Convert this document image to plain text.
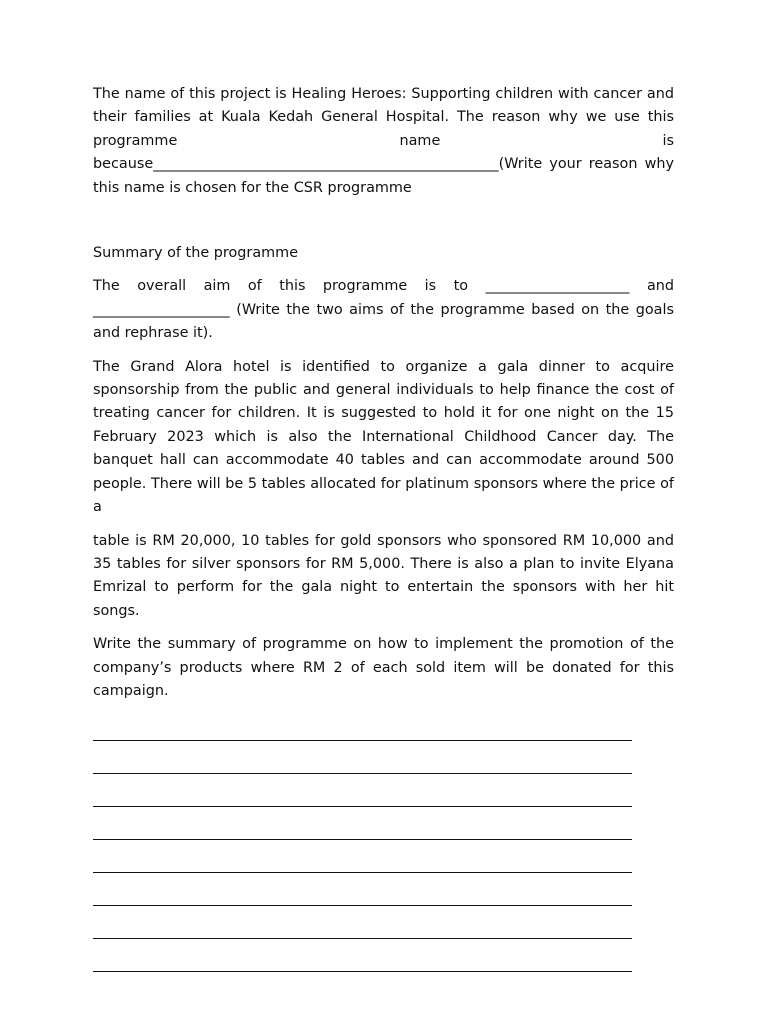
The name of this project is Healing Heroes: Supporting children with cancer and their families at Kuala Kedah General Hospital. The reason why we use this programme name is because________________________________________________(Write your reason why this name is chosen for the CSR programme

Summary of the programme

The overall aim of this programme is to ____________________ and ___________________ (Write the two aims of the programme based on the goals and rephrase it).

The Grand Alora hotel is identified to organize a gala dinner to acquire sponsorship from the public and general individuals to help finance the cost of treating cancer for children. It is suggested to hold it for one night on the 15 February 2023 which is also the International Childhood Cancer day. The banquet hall can accommodate 40 tables and can accommodate around 500 people. There will be 5 tables allocated for platinum sponsors where the price of a

table is RM 20,000, 10 tables for gold sponsors who sponsored RM 10,000 and 35 tables for silver sponsors for RM 5,000. There is also a plan to invite Elyana Emrizal to perform for the gala night to entertain the sponsors with her hit songs.

Write the summary of programme on how to implement the promotion of the company’s products where RM 2 of each sold item will be donated for this campaign.
